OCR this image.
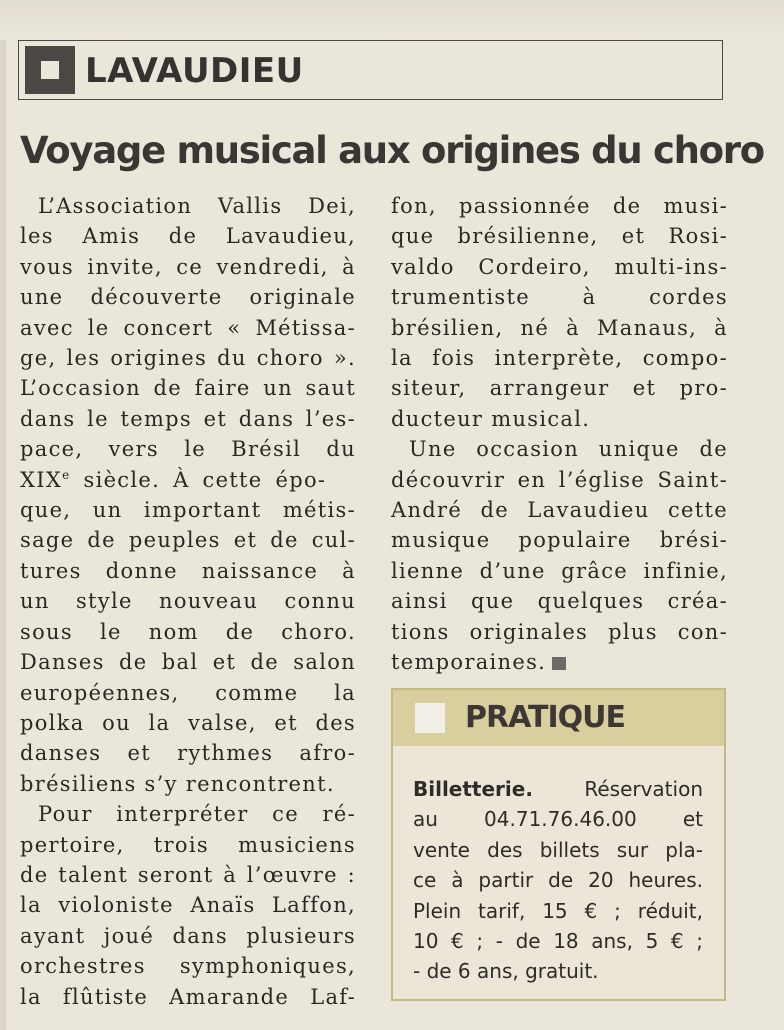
LAVAUDIEU
Voyage musical aux origines du choro

L’Association Vallis Dei,
les Amis de Lavaudieu,
vous invite, ce vendredi, à
une découverte originale
avec le concert « Métissa-
ge, les origines du choro ».
L’occasion de faire un saut
dans le temps et dans l’es-
pace, vers le Brésil du
XIXe siècle. À cette épo-
que, un important métis-
sage de peuples et de cul-
tures donne naissance à
un style nouveau connu
sous le nom de choro.
Danses de bal et de salon
européennes, comme la
polka ou la valse, et des
danses et rythmes afro-
brésiliens s’y rencontrent.

Pour interpréter ce ré-
pertoire, trois musiciens
de talent seront à l’œuvre :
la violoniste Anaïs Laffon,
ayant joué dans plusieurs
orchestres symphoniques,
la flûtiste Amarande Laf-

fon, passionnée de musi-
que brésilienne, et Rosi-
valdo Cordeiro, multi-ins-
trumentiste à cordes
brésilien, né à Manaus, à
la fois interprète, compo-
siteur, arrangeur et pro-
ducteur musical.

Une occasion unique de
découvrir en l’église Saint-
André de Lavaudieu cette
musique populaire brési-
lienne d’une grâce infinie,
ainsi que quelques créa-
tions originales plus con-
temporaines.

PRATIQUE
Billetterie. Réservation
au 04.71.76.46.00 et
vente des billets sur pla-
ce à partir de 20 heures.
Plein tarif, 15 € ; réduit,
10 € ; - de 18 ans, 5 € ;
- de 6 ans, gratuit.
